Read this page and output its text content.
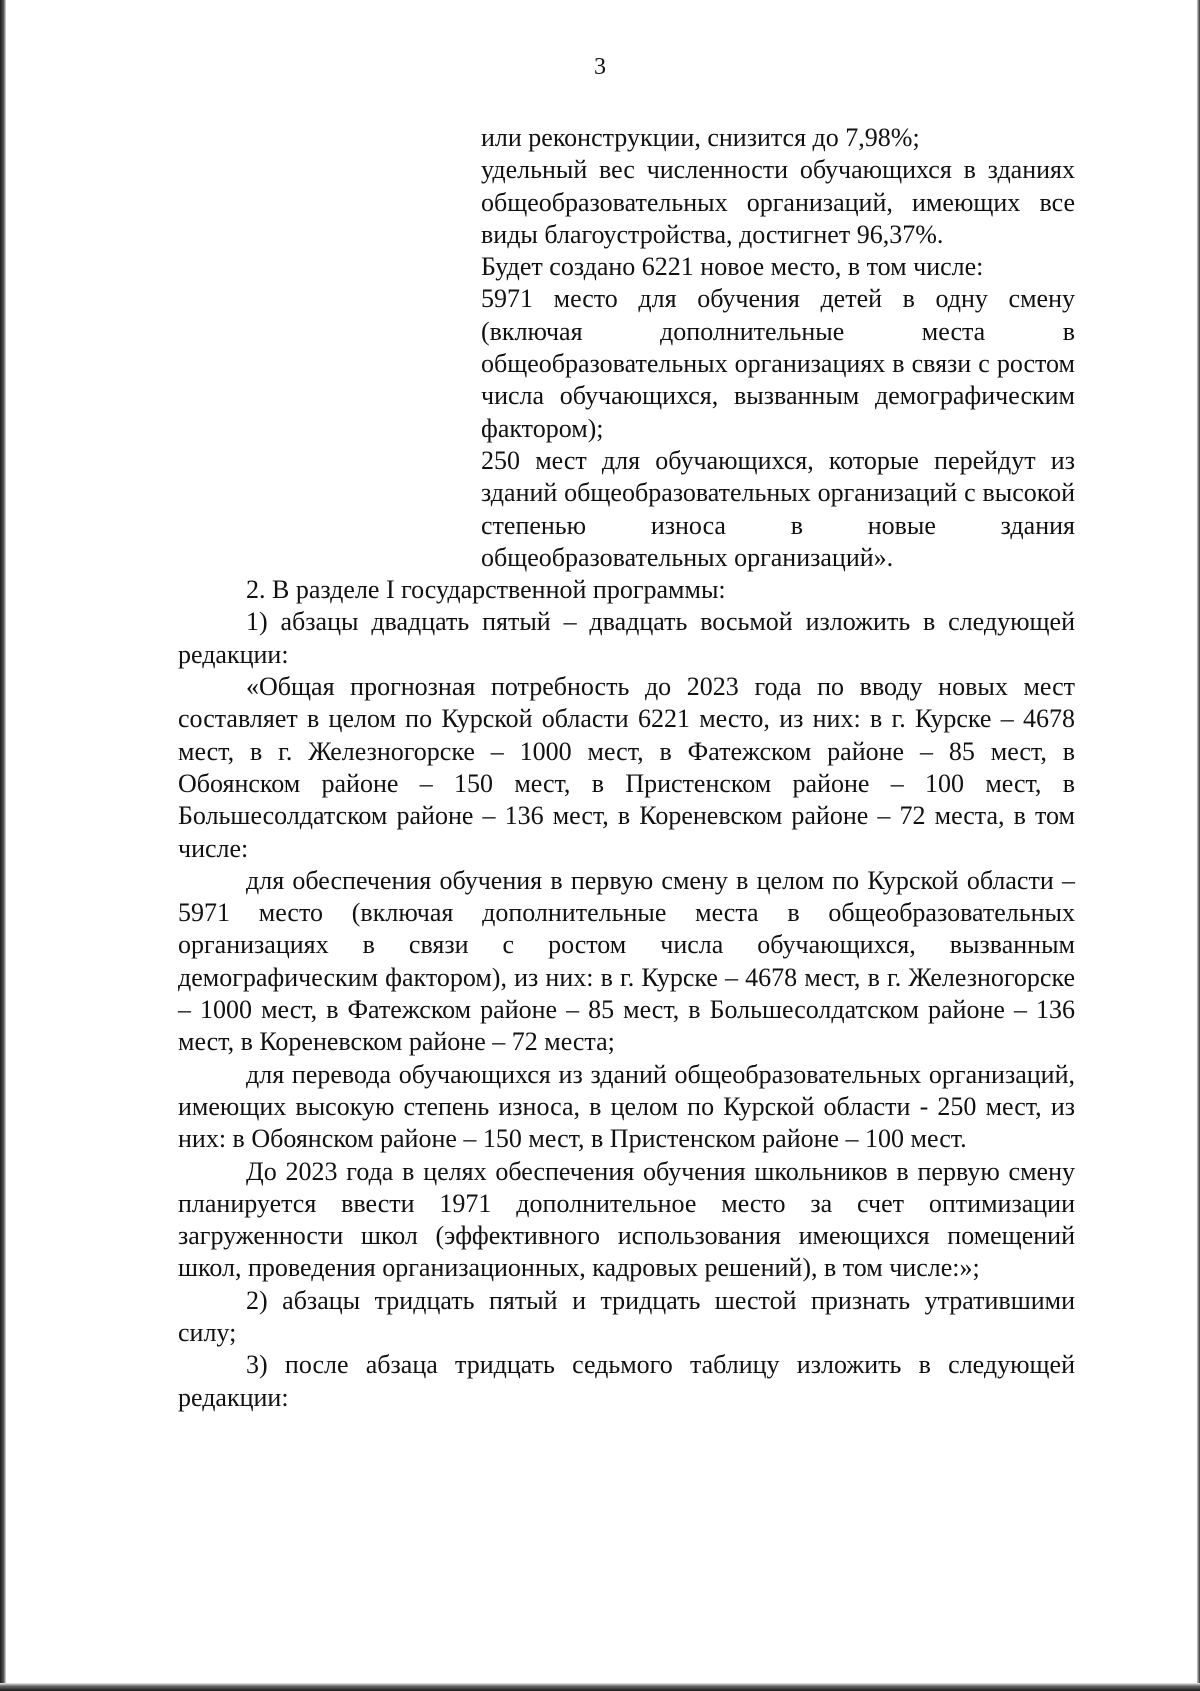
3

или реконструкции, снизится до 7,98%;

удельный вес численности обучающихся в зданиях общеобразовательных организаций, имеющих все виды благоустройства, достигнет 96,37%.

Будет создано 6221 новое место, в том числе:

5971 место для обучения детей в одну смену (включая дополнительные места в общеобразовательных организациях в связи с ростом числа обучающихся, вызванным демографическим фактором);

250 мест для обучающихся, которые перейдут из зданий общеобразовательных организаций с высокой степенью износа в новые здания общеобразовательных организаций».

2. В разделе I государственной программы:

1) абзацы двадцать пятый – двадцать восьмой изложить в следующей редакции:

«Общая прогнозная потребность до 2023 года по вводу новых мест составляет в целом по Курской области 6221 место, из них: в г. Курске – 4678 мест, в г. Железногорске – 1000 мест, в Фатежском районе – 85 мест, в Обоянском районе – 150 мест, в Пристенском районе – 100 мест, в Большесолдатском районе – 136 мест, в Кореневском районе – 72 места, в том числе:

для обеспечения обучения в первую смену в целом по Курской области – 5971 место (включая дополнительные места в общеобразовательных организациях в связи с ростом числа обучающихся, вызванным демографическим фактором), из них: в г. Курске – 4678 мест, в г. Железногорске – 1000 мест, в Фатежском районе – 85 мест, в Большесолдатском районе – 136 мест, в Кореневском районе – 72 места;

для перевода обучающихся из зданий общеобразовательных организаций, имеющих высокую степень износа, в целом по Курской области - 250 мест, из них: в Обоянском районе – 150 мест, в Пристенском районе – 100 мест.

До 2023 года в целях обеспечения обучения школьников в первую смену планируется ввести 1971 дополнительное место за счет оптимизации загруженности школ (эффективного использования имеющихся помещений школ, проведения организационных, кадровых решений), в том числе:»;

2) абзацы тридцать пятый и тридцать шестой признать утратившими силу;

3) после абзаца тридцать седьмого таблицу изложить в следующей редакции:
